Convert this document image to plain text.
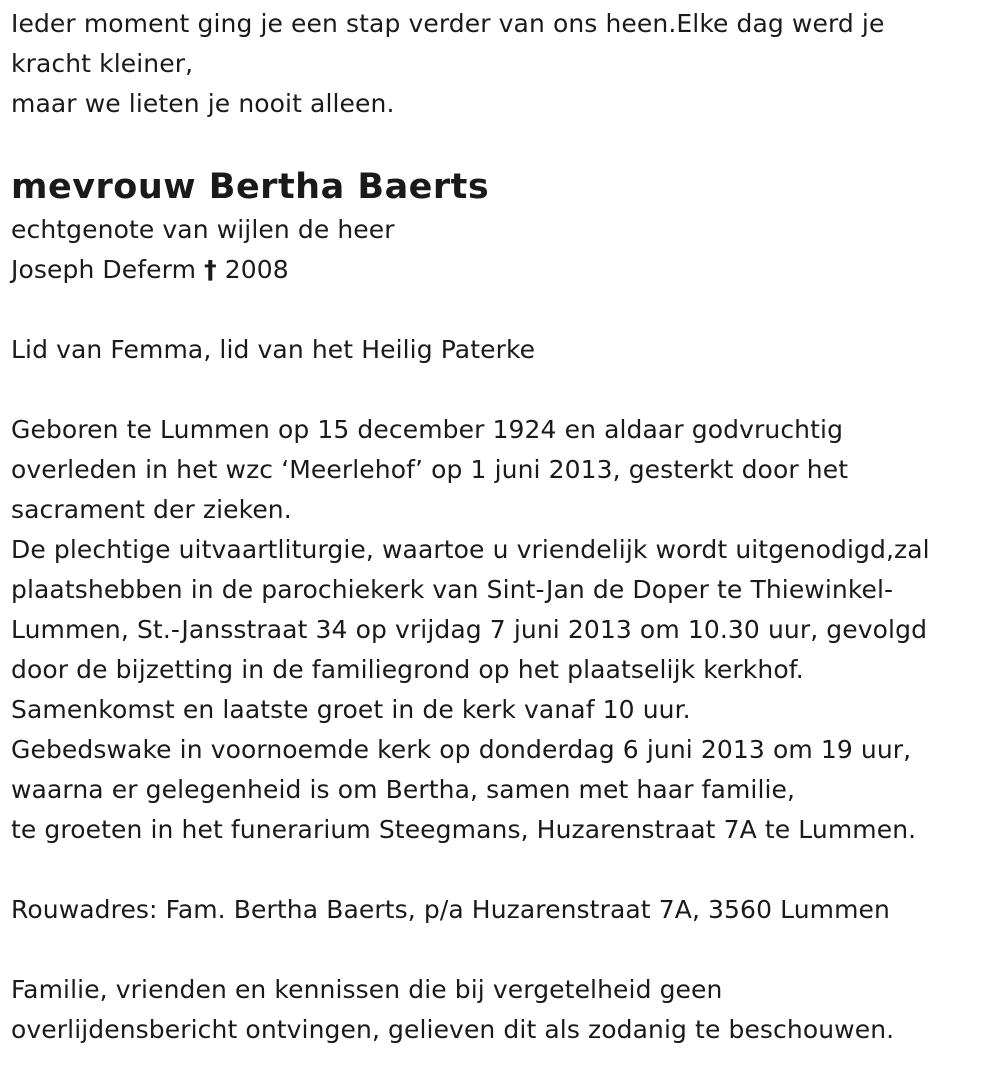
Ieder moment ging je een stap verder van ons heen.Elke dag werd je
kracht kleiner,
maar we lieten je nooit alleen.
mevrouw Bertha Baerts
echtgenote van wijlen de heer
Joseph Deferm † 2008
Lid van Femma, lid van het Heilig Paterke
Geboren te Lummen op 15 december 1924 en aldaar godvruchtig
overleden in het wzc ‘Meerlehof’ op 1 juni 2013, gesterkt door het
sacrament der zieken.
De plechtige uitvaartliturgie, waartoe u vriendelijk wordt uitgenodigd,zal
plaatshebben in de parochiekerk van Sint-Jan de Doper te Thiewinkel-
Lummen, St.-Jansstraat 34 op vrijdag 7 juni 2013 om 10.30 uur, gevolgd
door de bijzetting in de familiegrond op het plaatselijk kerkhof.
Samenkomst en laatste groet in de kerk vanaf 10 uur.
Gebedswake in voornoemde kerk op donderdag 6 juni 2013 om 19 uur,
waarna er gelegenheid is om Bertha, samen met haar familie,
te groeten in het funerarium Steegmans, Huzarenstraat 7A te Lummen.
Rouwadres: Fam. Bertha Baerts, p/a Huzarenstraat 7A, 3560 Lummen
Familie, vrienden en kennissen die bij vergetelheid geen
overlijdensbericht ontvingen, gelieven dit als zodanig te beschouwen.
